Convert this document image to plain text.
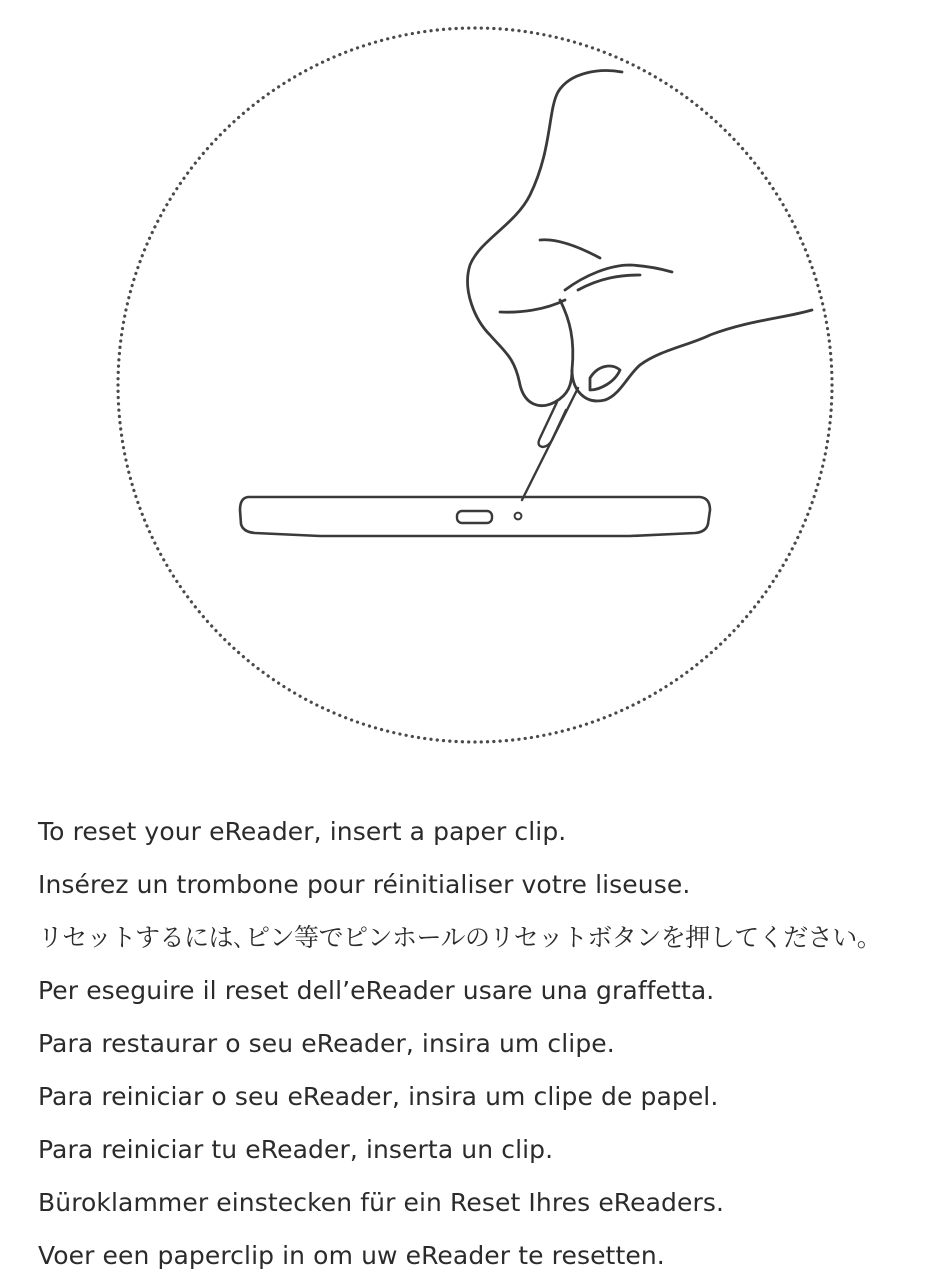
To reset your eReader, insert a paper clip.
Insérez un trombone pour réinitialiser votre liseuse.
リセットするには､ピン等でピンホールのリセットボタンを押してください｡
Per eseguire il reset dell’eReader usare una graffetta.
Para restaurar o seu eReader, insira um clipe.
Para reiniciar o seu eReader, insira um clipe de papel.
Para reiniciar tu eReader, inserta un clip.
Büroklammer einstecken für ein Reset Ihres eReaders.
Voer een paperclip in om uw eReader te resetten.
